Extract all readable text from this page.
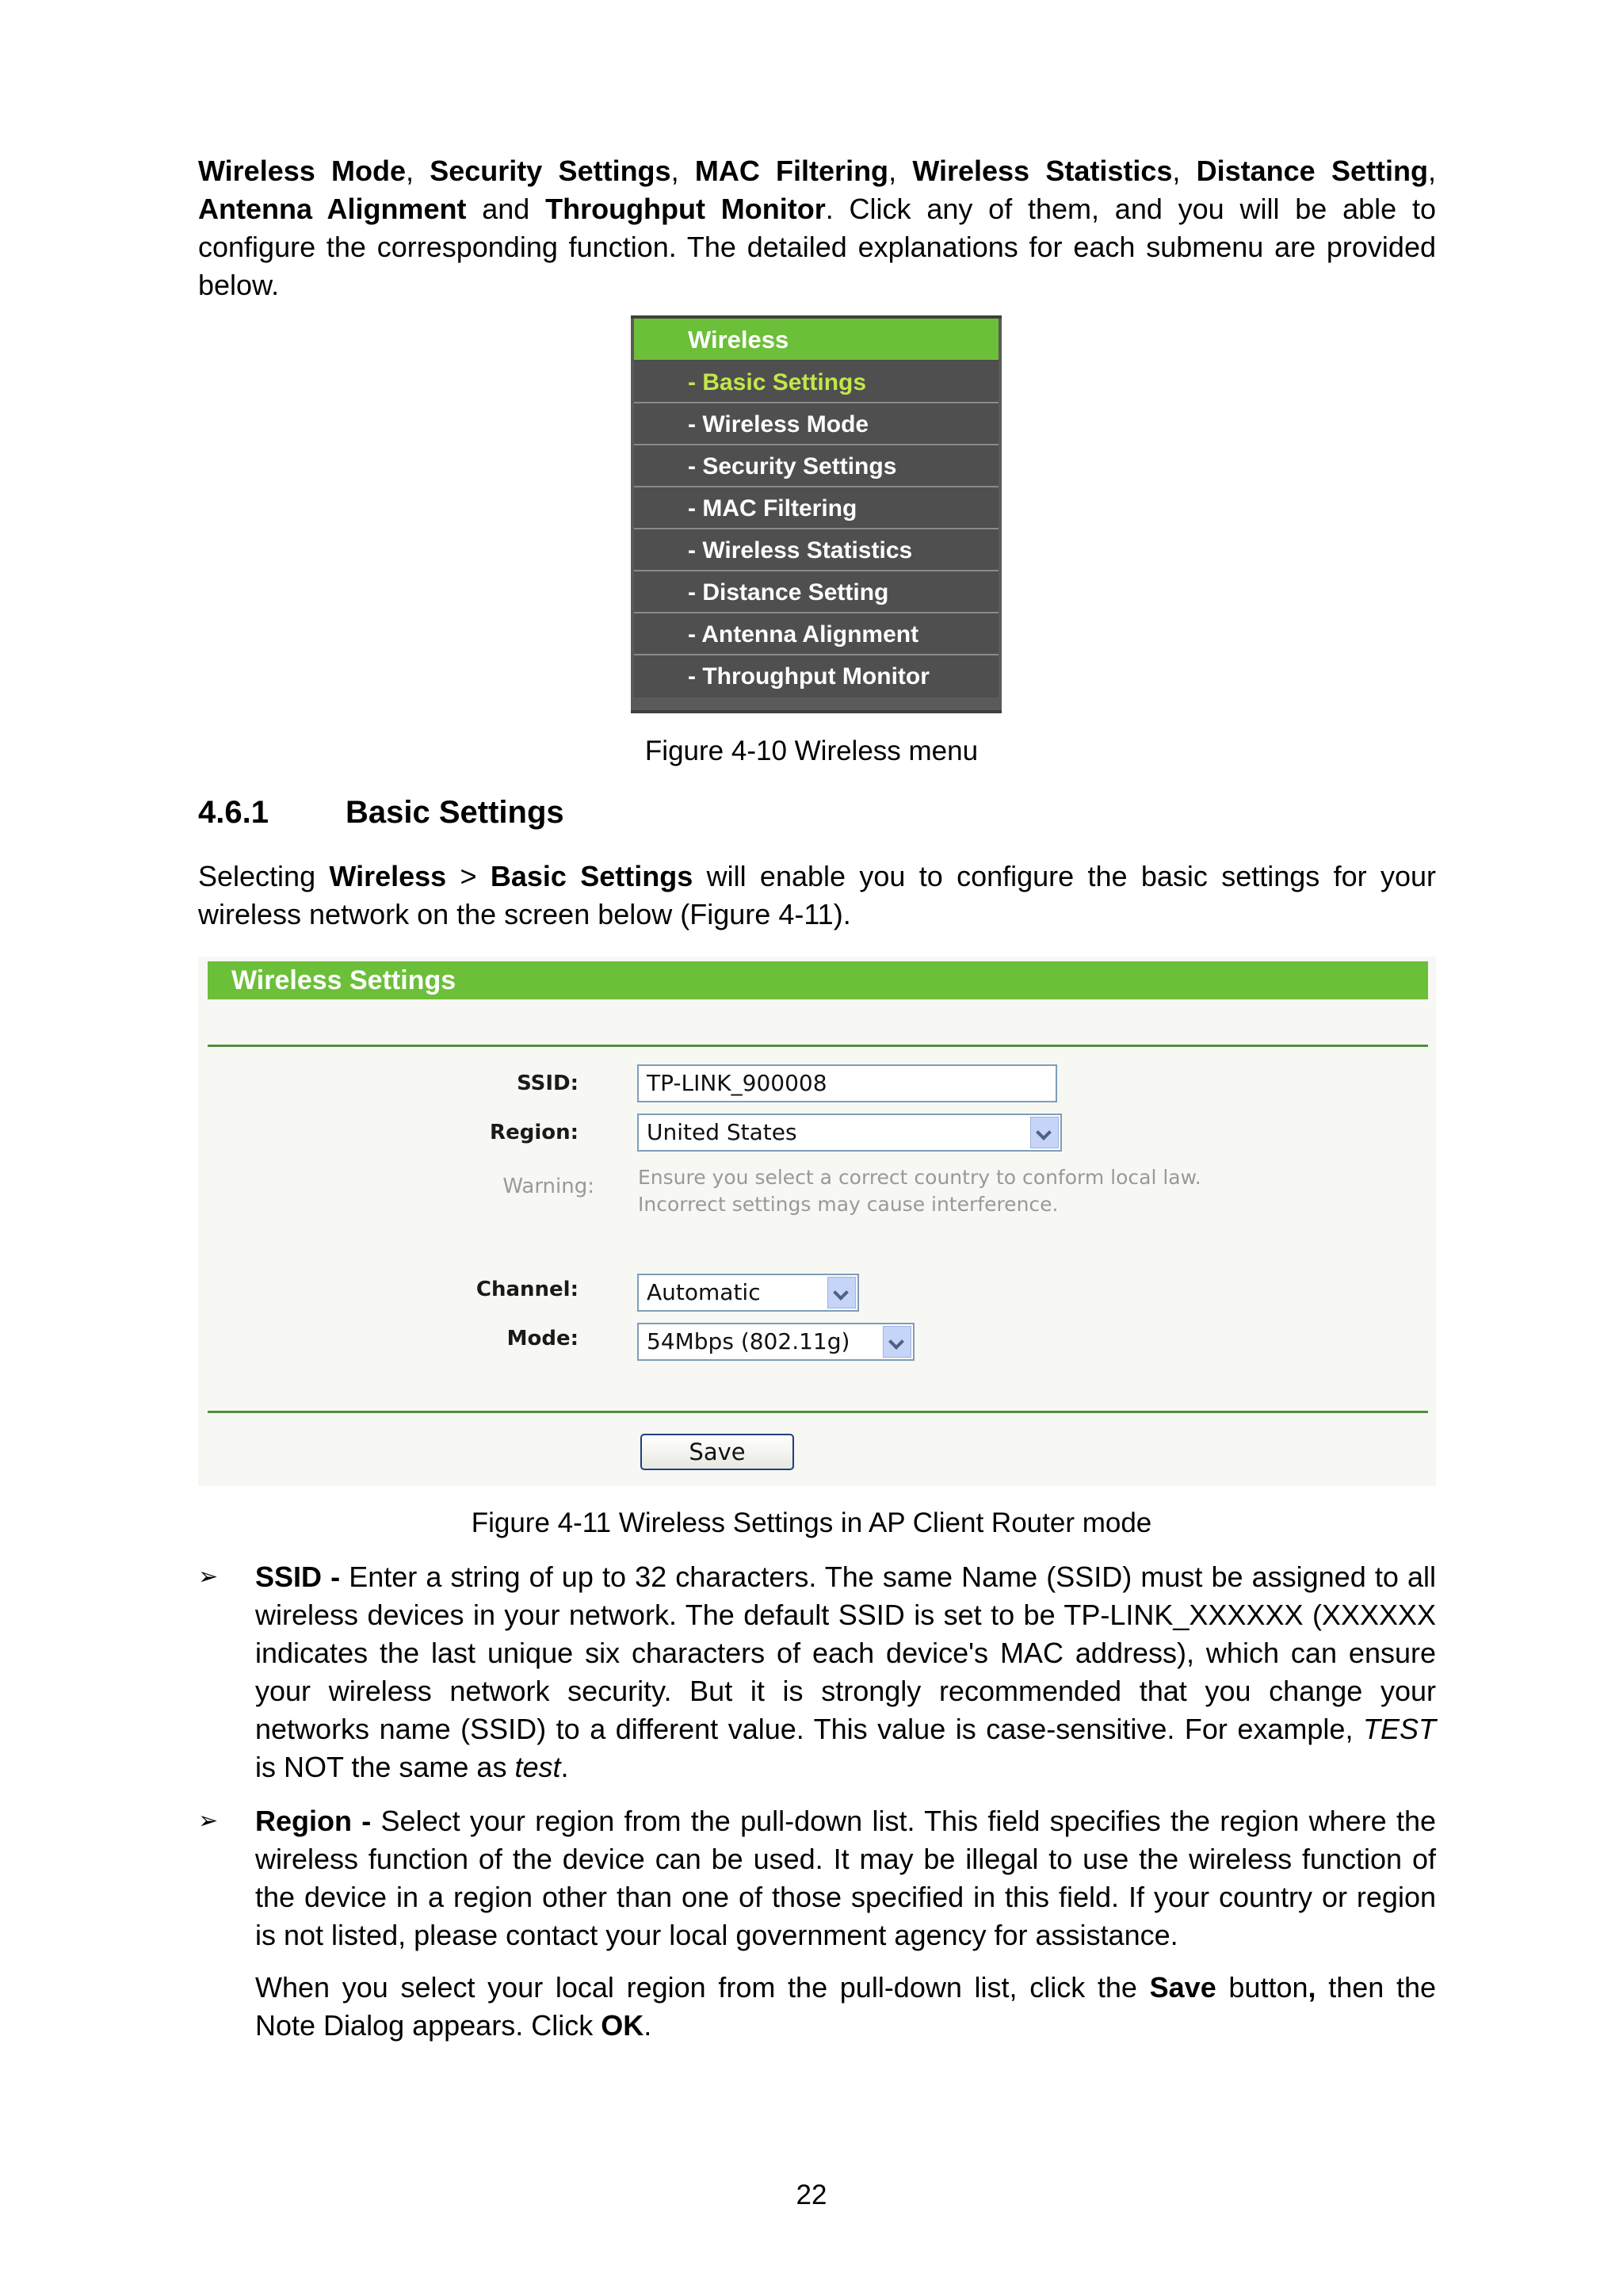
Wireless Mode, Security Settings, MAC Filtering, Wireless Statistics, Distance Setting, Antenna Alignment and Throughput Monitor. Click any of them, and you will be able to configure the corresponding function. The detailed explanations for each submenu are provided below.

Wireless
- Basic Settings
- Wireless Mode
- Security Settings
- MAC Filtering
- Wireless Statistics
- Distance Setting
- Antenna Alignment
- Throughput Monitor
Figure 4-10 Wireless menu
4.6.1 Basic Settings

Selecting Wireless > Basic Settings will enable you to configure the basic settings for your wireless network on the screen below (Figure 4-11).

Wireless Settings
SSID:	TP-LINK_900008
Region:	United States
Warning: Ensure you select a correct country to conform local law.
Incorrect settings may cause interference.
Channel:	Automatic
Mode:	54Mbps (802.11g)
Save
Figure 4-11 Wireless Settings in AP Client Router mode
➢ SSID - Enter a string of up to 32 characters. The same Name (SSID) must be assigned to all wireless devices in your network. The default SSID is set to be TP-LINK_XXXXXX (XXXXXX indicates the last unique six characters of each device's MAC address), which can ensure your wireless network security. But it is strongly recommended that you change your networks name (SSID) to a different value. This value is case-sensitive. For example, TEST is NOT the same as test.

➢ Region - Select your region from the pull-down list. This field specifies the region where the wireless function of the device can be used. It may be illegal to use the wireless function of the device in a region other than one of those specified in this field. If your country or region is not listed, please contact your local government agency for assistance.

When you select your local region from the pull-down list, click the Save button, then the Note Dialog appears. Click OK.

22
